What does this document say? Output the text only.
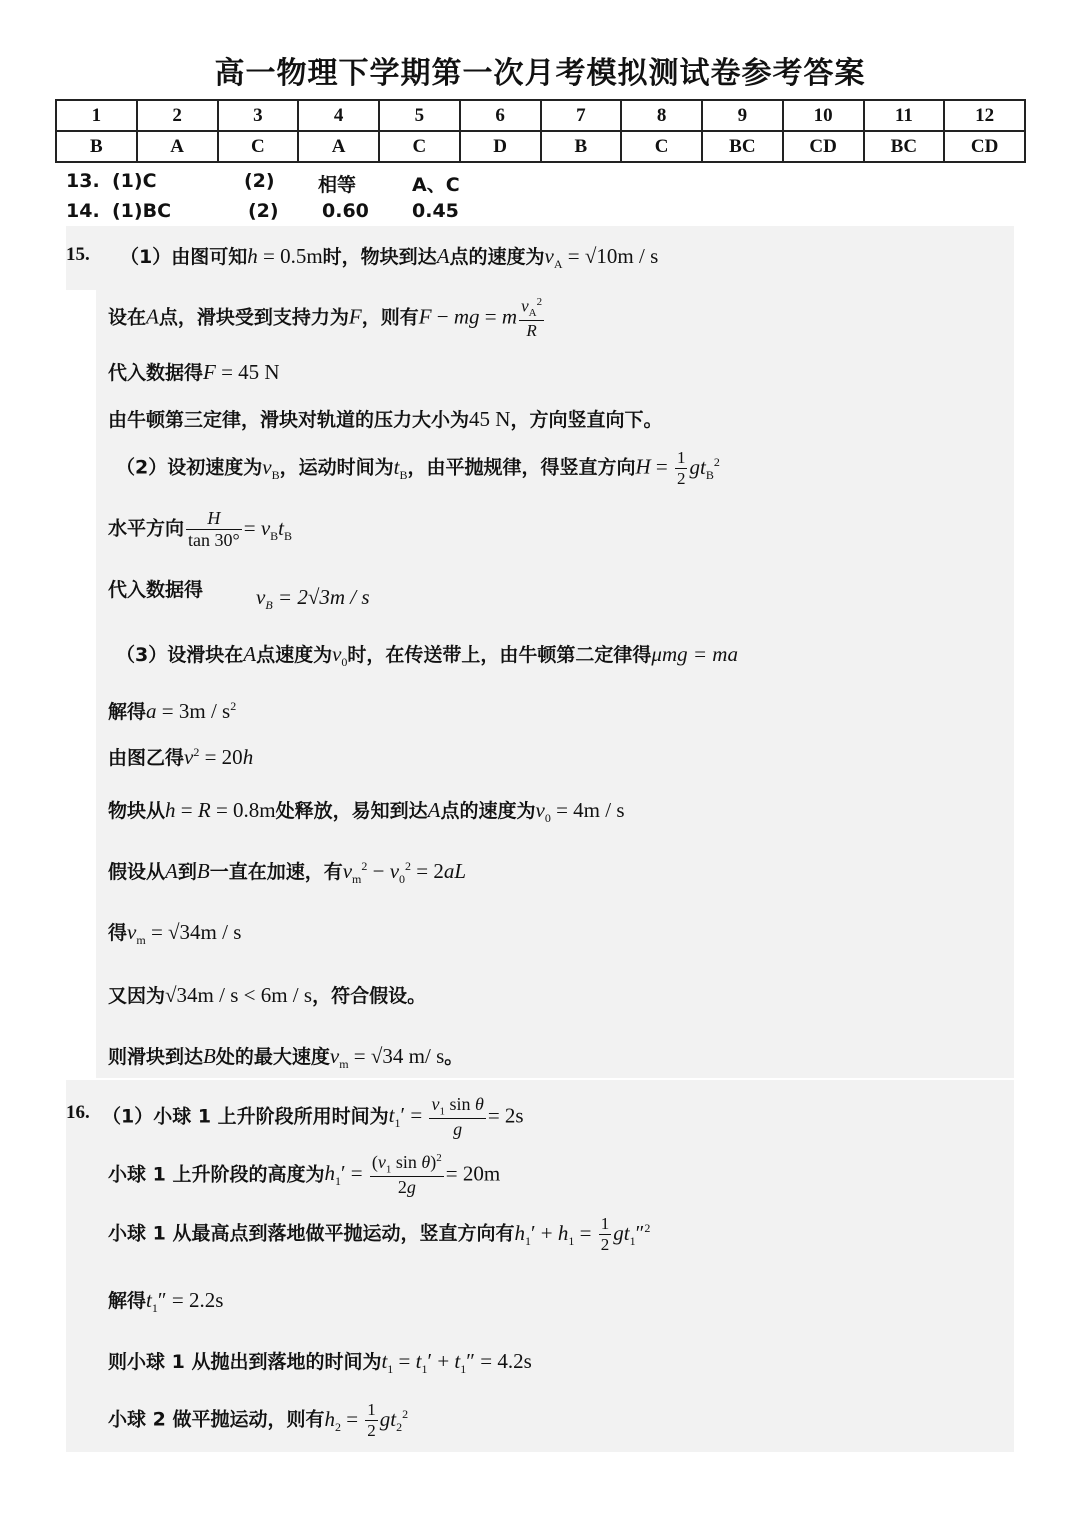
高一物理下学期第一次月考模拟测试卷参考答案
1	2	3	4	5	6	7	8	9	10	11	12
B	A	C	A	C	D	B	C	BC	CD	BC	CD
13. (1)C	(2) 相等	A、C
14. (1)BC	(2) 0.60 0.45
15. （1）由图可知h = 0.5m时，物块到达A点的速度为$v_A = √10m / s$
设在A点，滑块受到支持力为F，则有F − mg = m $\frac{v_A^2}{R}$
代入数据得F = 45 N
由牛顿第三定律，滑块对轨道的压力大小为45 N，方向竖直向下。
（2）设初速度为$v_B$，运动时间为$t_B$，由平抛规律，得竖直方向$H = \frac{1}{2} gt_B^2$
水平方向 $\frac{H}{\tan 30^\circ} = v_Bt_B$
代入数据得	$v_B = 2√3m / s$
（3）设滑块在A点速度为$v_0$时，在传送带上，由牛顿第二定律得μmg = ma
解得$a = 3m / s^2$
由图乙得$v^2 = 20h$
物块从h = R = 0.8m处释放，易知到达A点的速度为$v_0 = 4m / s$
假设从A到B一直在加速，有$v_m^2 - v_0^2 = 2aL$
得$v_m = √34m / s$
又因为√34m / s < 6m / s，符合假设。
则滑块到达B处的最大速度$v_m = √34$ m/ s。
16. （1）小球 1 上升阶段所用时间为$t_1' = \frac{v_1 \sin \theta}{g} = 2s$
小球 1 上升阶段的高度为$h_1' = \frac{(v_1 \sin \theta)^2}{2g} = 20m$
小球 1 从最高点到落地做平抛运动，竖直方向有$h_1' + h_1 = \frac{1}{2} gt_1''^2$
解得$t_1'' = 2.2s$
则小球 1 从抛出到落地的时间为$t_1 = t_1' + t_1'' = 4.2s$
小球 2 做平抛运动，则有$h_2 = \frac{1}{2} gt_2^2$
